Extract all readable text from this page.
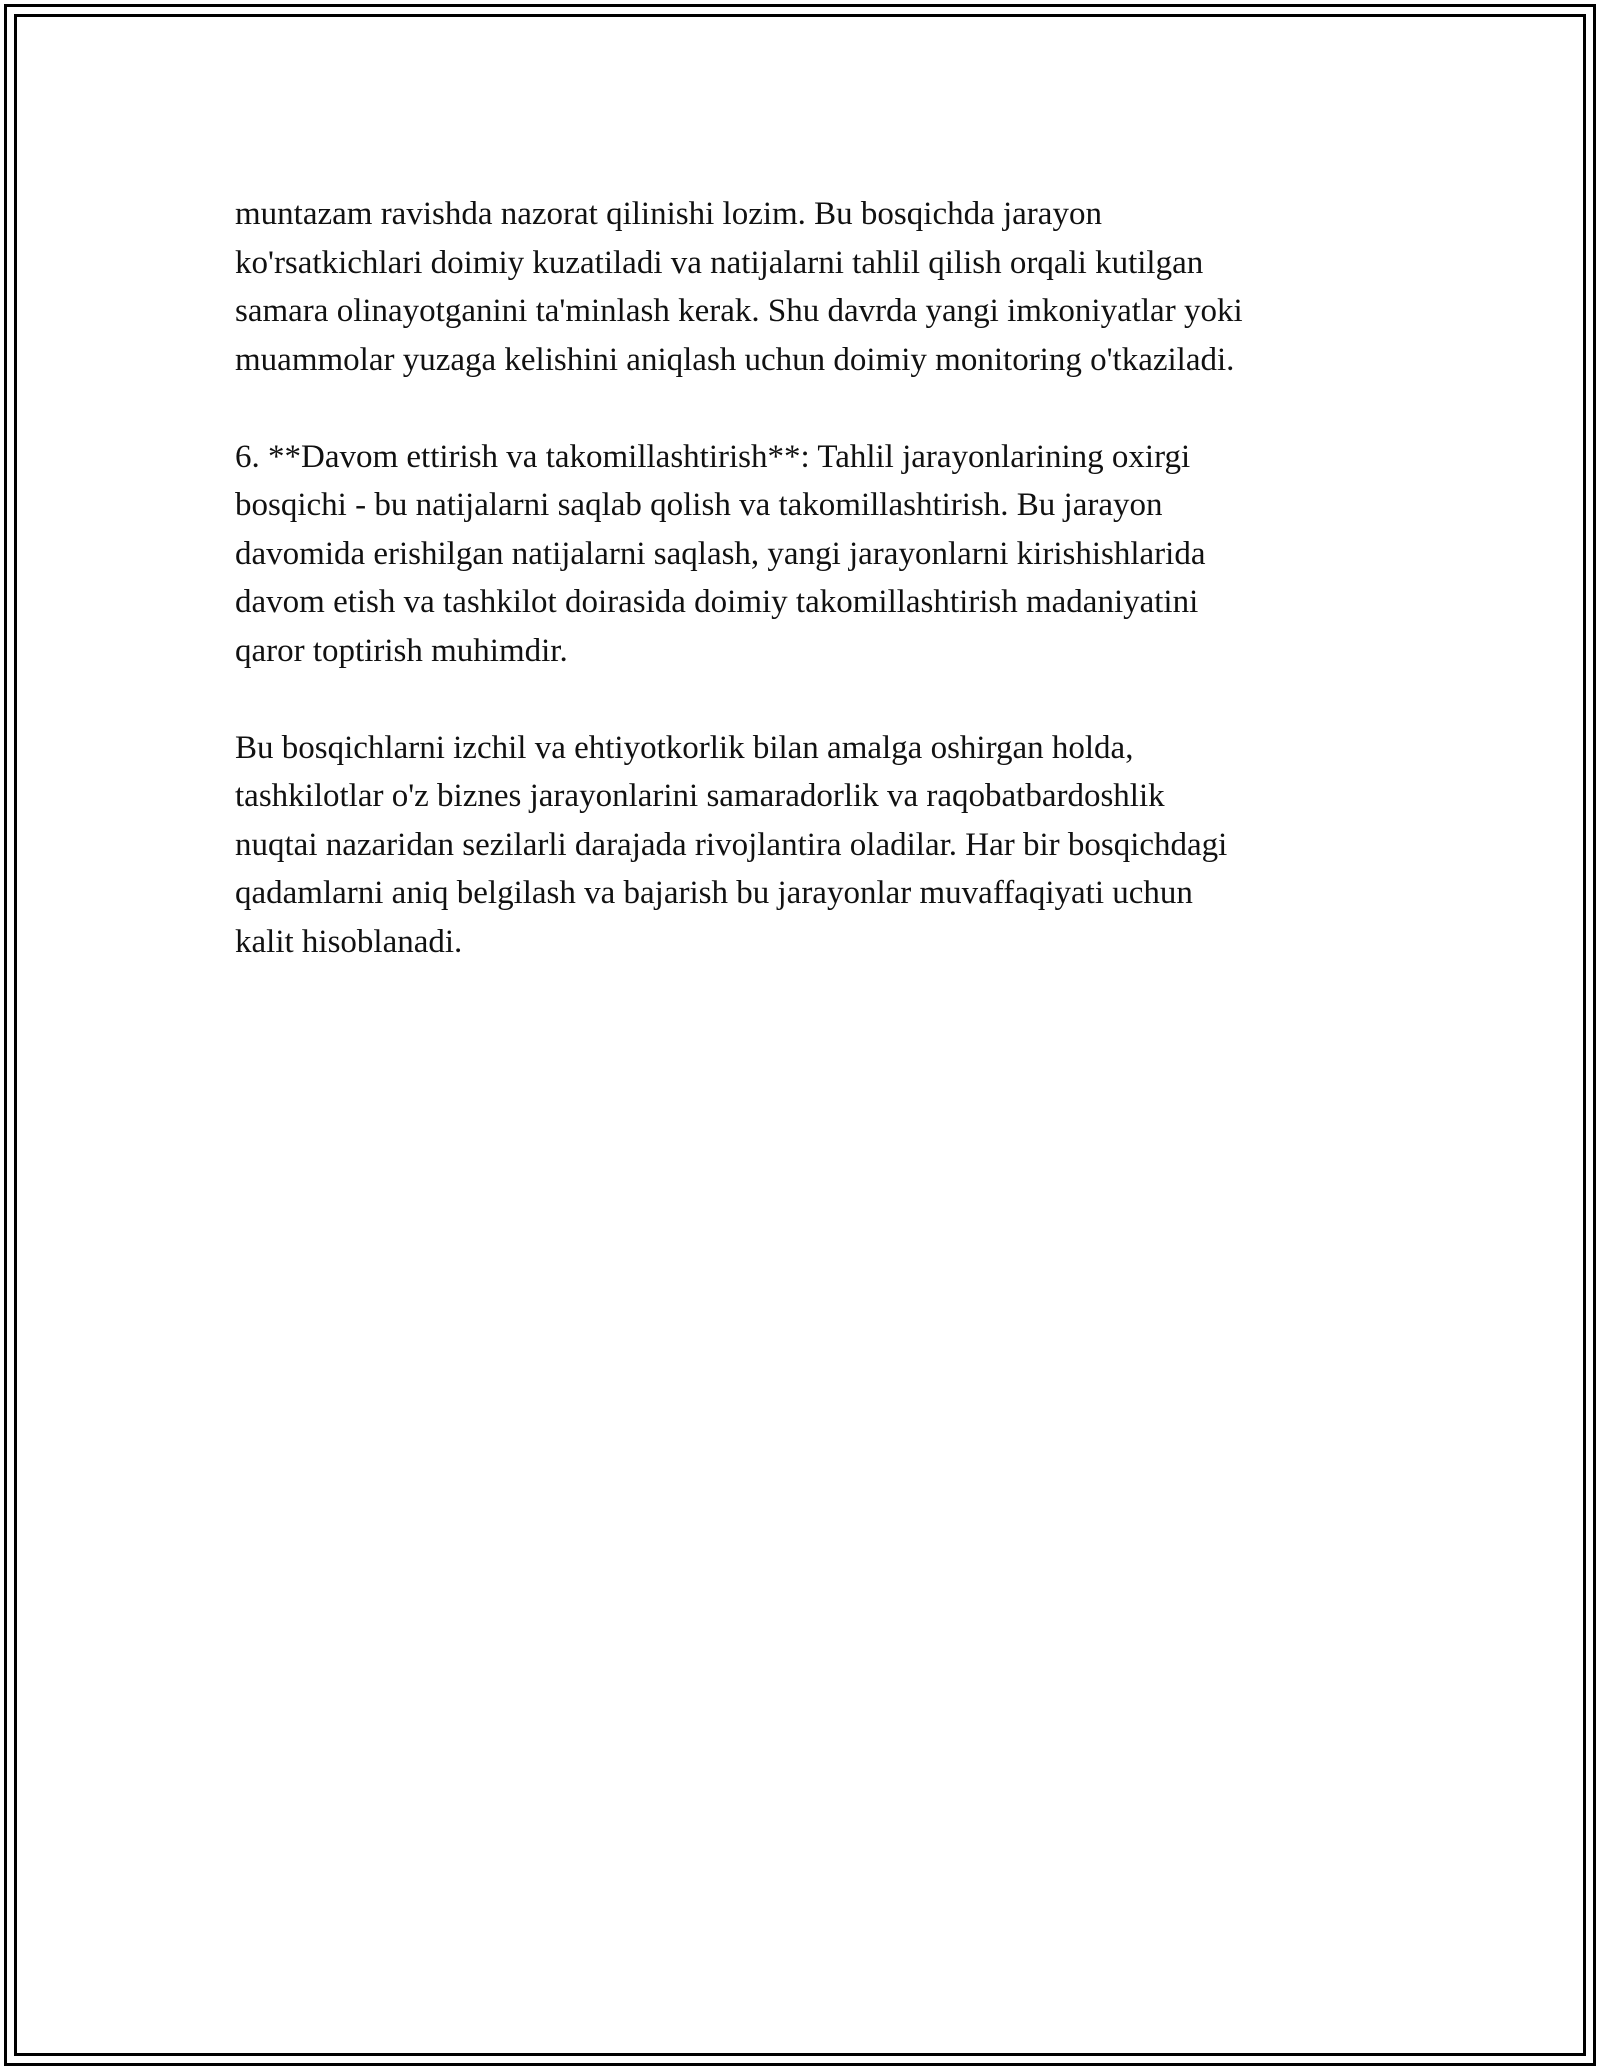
muntazam ravishda nazorat qilinishi lozim. Bu bosqichda jarayon
ko'rsatkichlari doimiy kuzatiladi va natijalarni tahlil qilish orqali kutilgan
samara olinayotganini ta'minlash kerak. Shu davrda yangi imkoniyatlar yoki
muammolar yuzaga kelishini aniqlash uchun doimiy monitoring o'tkaziladi.

6. **Davom ettirish va takomillashtirish**: Tahlil jarayonlarining oxirgi
bosqichi - bu natijalarni saqlab qolish va takomillashtirish. Bu jarayon
davomida erishilgan natijalarni saqlash, yangi jarayonlarni kirishishlarida
davom etish va tashkilot doirasida doimiy takomillashtirish madaniyatini
qaror toptirish muhimdir.

Bu bosqichlarni izchil va ehtiyotkorlik bilan amalga oshirgan holda,
tashkilotlar o'z biznes jarayonlarini samaradorlik va raqobatbardoshlik
nuqtai nazaridan sezilarli darajada rivojlantira oladilar. Har bir bosqichdagi
qadamlarni aniq belgilash va bajarish bu jarayonlar muvaffaqiyati uchun
kalit hisoblanadi.
